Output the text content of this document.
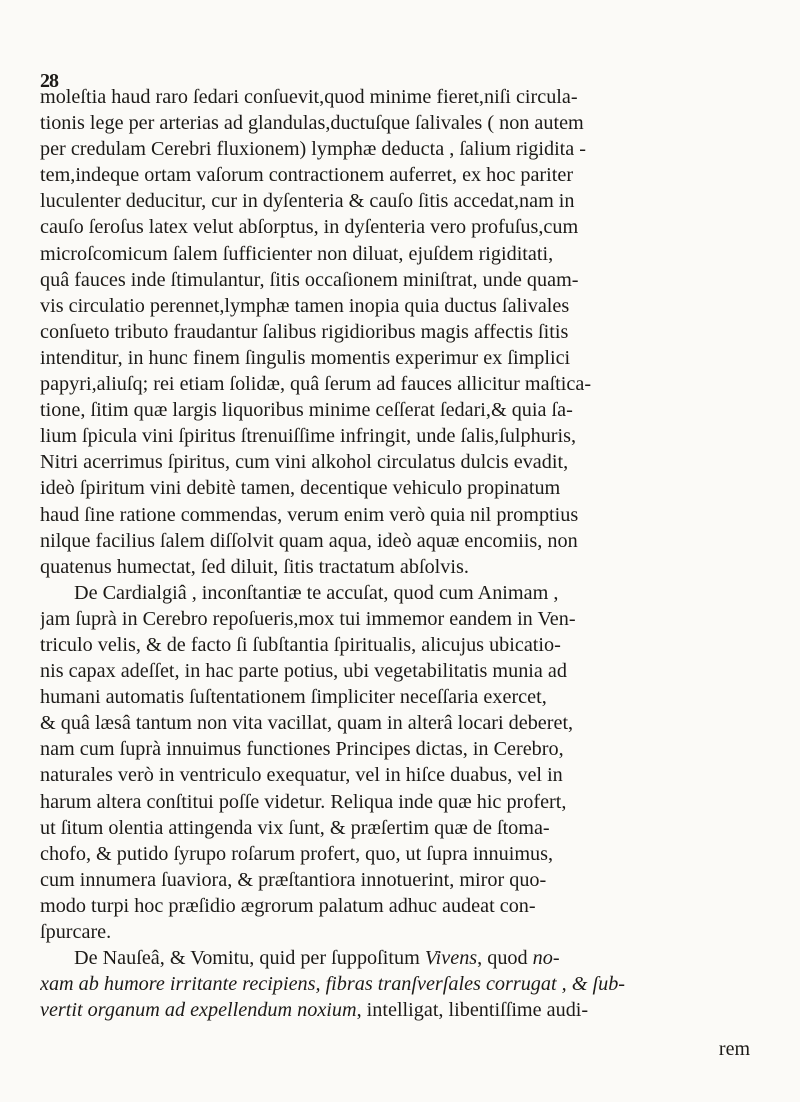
28
moleſtia haud raro ſedari conſuevit,quod minime fieret,niſi circula-
tionis lege per arterias ad glandulas,ductuſque ſalivales ( non autem
per credulam Cerebri fluxionem) lymphæ deducta , ſalium rigidita -
tem,indeque ortam vaſorum contractionem auferret, ex hoc pariter
luculenter deducitur, cur in dyſenteria & cauſo ſitis accedat,nam in
cauſo ſeroſus latex velut abſorptus, in dyſenteria vero profuſus,cum
microſcomicum ſalem ſufficienter non diluat, ejuſdem rigiditati,
quâ fauces inde ſtimulantur, ſitis occaſionem miniſtrat, unde quam-
vis circulatio perennet,lymphæ tamen inopia quia ductus ſalivales
conſueto tributo fraudantur ſalibus rigidioribus magis affectis ſitis
intenditur, in hunc finem ſingulis momentis experimur ex ſimplici
papyri,aliuſq; rei etiam ſolidæ, quâ ſerum ad fauces allicitur maſtica-
tione, ſitim quæ largis liquoribus minime ceſſerat ſedari,& quia ſa-
lium ſpicula vini ſpiritus ſtrenuiſſime infringit, unde ſalis,ſulphuris,
Nitri acerrimus ſpiritus, cum vini alkohol circulatus dulcis evadit,
ideò ſpiritum vini debitè tamen, decentique vehiculo propinatum
haud ſine ratione commendas, verum enim verò quia nil promptius
nilque facilius ſalem diſſolvit quam aqua, ideò aquæ encomiis, non
quatenus humectat, ſed diluit, ſitis tractatum abſolvis.
De Cardialgiâ , inconſtantiæ te accuſat, quod cum Animam ,
jam ſuprà in Cerebro repoſueris,mox tui immemor eandem in Ven-
triculo velis, & de facto ſi ſubſtantia ſpiritualis, alicujus ubicatio-
nis capax adeſſet, in hac parte potius, ubi vegetabilitatis munia ad
humani automatis ſuſtentationem ſimpliciter neceſſaria exercet,
& quâ læsâ tantum non vita vacillat, quam in alterâ locari deberet,
nam cum ſuprà innuimus functiones Principes dictas, in Cerebro,
naturales verò in ventriculo exequatur, vel in hiſce duabus, vel in
harum altera conſtitui poſſe videtur. Reliqua inde quæ hic profert,
ut ſitum olentia attingenda vix ſunt, & præſertim quæ de ſtoma-
chofo, & putido ſyrupo roſarum profert, quo, ut ſupra innuimus,
cum innumera ſuaviora, & præſtantiora innotuerint, miror quo-
modo turpi hoc præſidio ægrorum palatum adhuc audeat con-
ſpurcare.
De Nauſeâ, & Vomitu, quid per ſuppoſitum Vivens, quod no-
xam ab humore irritante recipiens, fibras tranſverſales corrugat , & ſub-
vertit organum ad expellendum noxium, intelligat, libentiſſime audi-
rem
